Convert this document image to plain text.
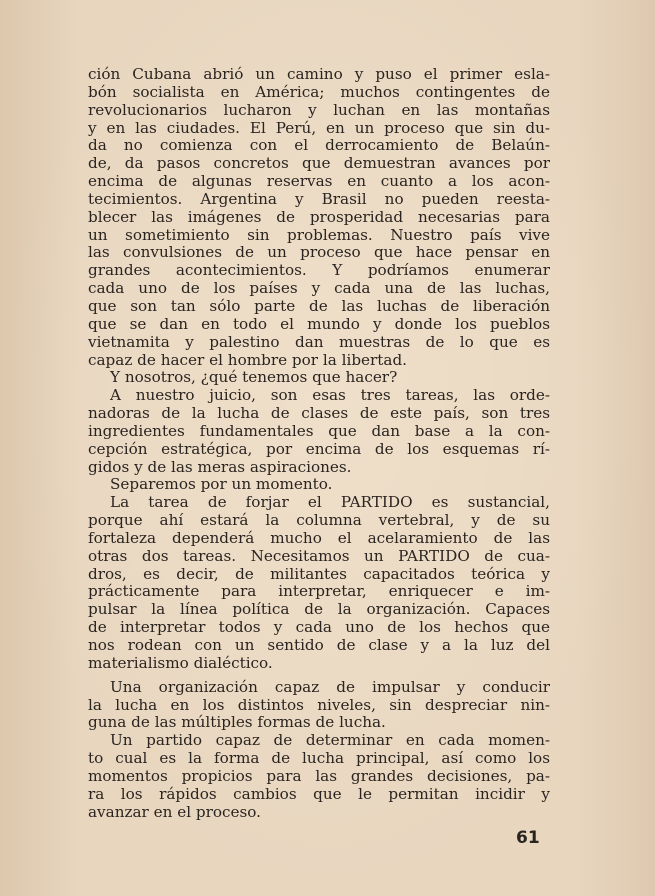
ción Cubana abrió un camino y puso el primer esla-
bón socialista en América; muchos contingentes de
revolucionarios lucharon y luchan en las montañas
y en las ciudades. El Perú, en un proceso que sin du-
da no comienza con el derrocamiento de Belaún-
de, da pasos concretos que demuestran avances por
encima de algunas reservas en cuanto a los acon-
tecimientos. Argentina y Brasil no pueden reesta-
blecer las imágenes de prosperidad necesarias para
un sometimiento sin problemas. Nuestro país vive
las convulsiones de un proceso que hace pensar en
grandes acontecimientos. Y podríamos enumerar
cada uno de los países y cada una de las luchas,
que son tan sólo parte de las luchas de liberación
que se dan en todo el mundo y donde los pueblos
vietnamita y palestino dan muestras de lo que es
capaz de hacer el hombre por la libertad.
Y nosotros, ¿qué tenemos que hacer?
A nuestro juicio, son esas tres tareas, las orde-
nadoras de la lucha de clases de este país, son tres
ingredientes fundamentales que dan base a la con-
cepción estratégica, por encima de los esquemas rí-
gidos y de las meras aspiraciones.
Separemos por un momento.
La tarea de forjar el PARTIDO es sustancial,
porque ahí estará la columna vertebral, y de su
fortaleza dependerá mucho el acelaramiento de las
otras dos tareas. Necesitamos un PARTIDO de cua-
dros, es decir, de militantes capacitados teórica y
prácticamente para interpretar, enriquecer e im-
pulsar la línea política de la organización. Capaces
de interpretar todos y cada uno de los hechos que
nos rodean con un sentido de clase y a la luz del
materialismo dialéctico.
Una organización capaz de impulsar y conducir
la lucha en los distintos niveles, sin despreciar nin-
guna de las múltiples formas de lucha.
Un partido capaz de determinar en cada momen-
to cual es la forma de lucha principal, así como los
momentos propicios para las grandes decisiones, pa-
ra los rápidos cambios que le permitan incidir y
avanzar en el proceso.
61
